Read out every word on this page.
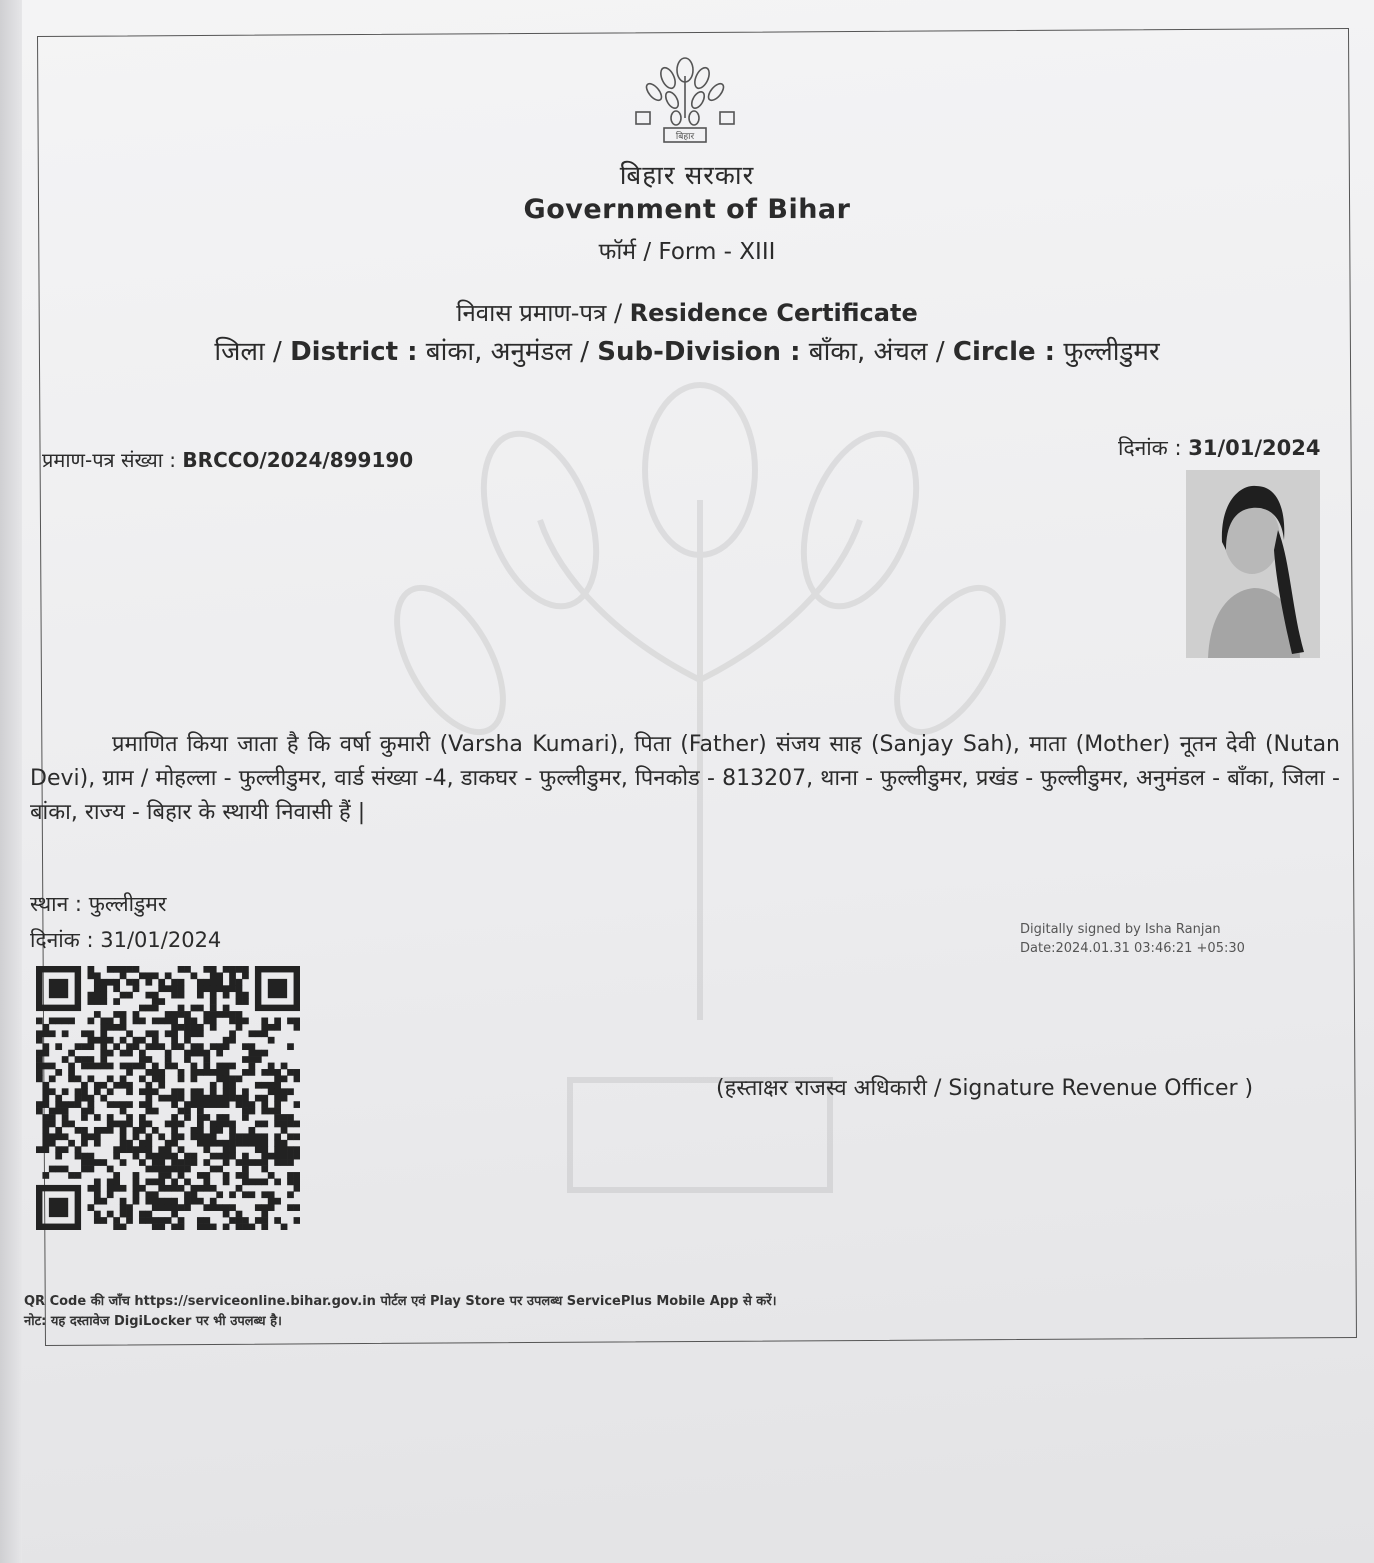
बिहार
बिहार सरकार
Government of Bihar
फॉर्म / Form - XIII
निवास प्रमाण-पत्र / Residence Certificate
जिला / District : बांका, अनुमंडल / Sub-Division : बाँका, अंचल / Circle : फुल्लीडुमर
प्रमाण-पत्र संख्या : BRCCO/2024/899190	दिनांक : 31/01/2024
प्रमाणित किया जाता है कि वर्षा कुमारी (Varsha Kumari), पिता (Father) संजय साह (Sanjay Sah), माता (Mother) नूतन देवी (Nutan Devi), ग्राम / मोहल्ला - फुल्लीडुमर, वार्ड संख्या -4, डाकघर - फुल्लीडुमर, पिनकोड - 813207, थाना - फुल्लीडुमर, प्रखंड - फुल्लीडुमर, अनुमंडल - बाँका, जिला - बांका, राज्य - बिहार के स्थायी निवासी हैं |
स्थान : फुल्लीडुमर
दिनांक : 31/01/2024	Digitally signed by Isha Ranjan
Date:2024.01.31 03:46:21 +05:30
(हस्ताक्षर राजस्व अधिकारी / Signature Revenue Officer )
QR Code की जाँच https://serviceonline.bihar.gov.in पोर्टल एवं Play Store पर उपलब्ध ServicePlus Mobile App से करें।
नोट: यह दस्तावेज DigiLocker पर भी उपलब्ध है।
